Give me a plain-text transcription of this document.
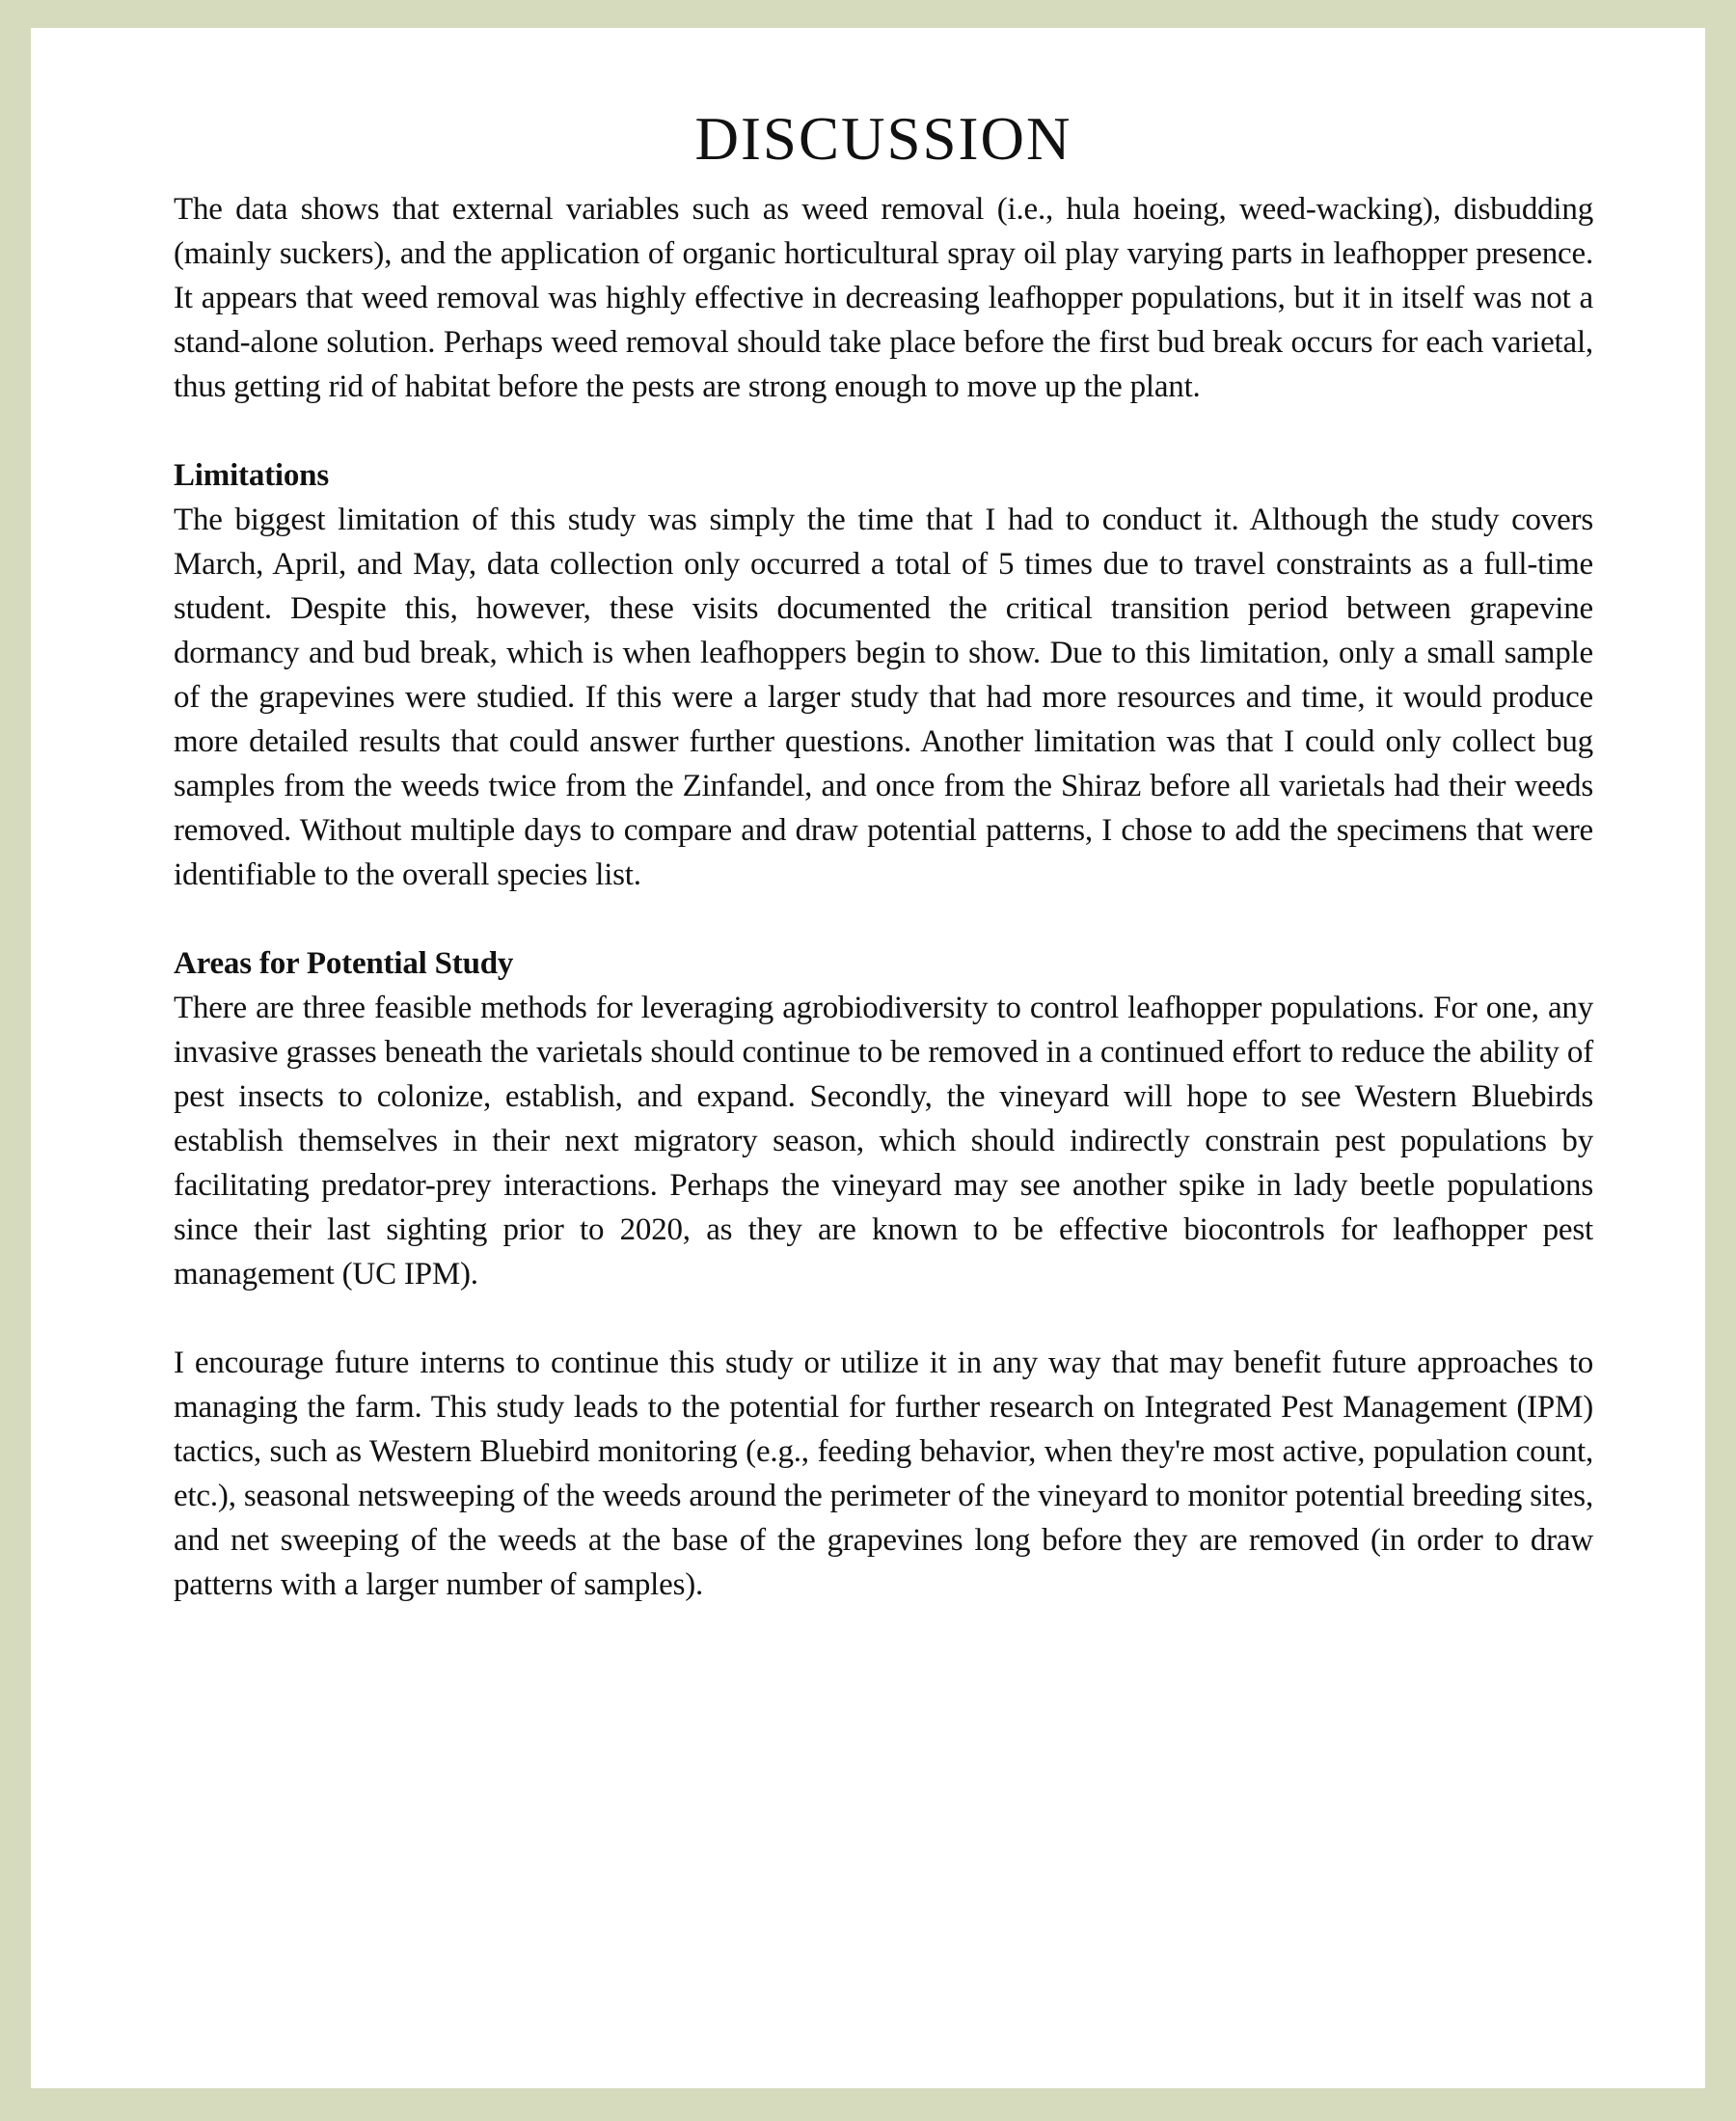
DISCUSSION

The data shows that external variables such as weed removal (i.e., hula hoeing, weed-wacking), disbudding (mainly suckers), and the application of organic horticultural spray oil play varying parts in leafhopper presence. It appears that weed removal was highly effective in decreasing leafhopper populations, but it in itself was not a stand-alone solution. Perhaps weed removal should take place before the first bud break occurs for each varietal, thus getting rid of habitat before the pests are strong enough to move up the plant.

Limitations

The biggest limitation of this study was simply the time that I had to conduct it. Although the study covers March, April, and May, data collection only occurred a total of 5 times due to travel constraints as a full-time student. Despite this, however, these visits documented the critical transition period between grapevine dormancy and bud break, which is when leafhoppers begin to show. Due to this limitation, only a small sample of the grapevines were studied. If this were a larger study that had more resources and time, it would produce more detailed results that could answer further questions. Another limitation was that I could only collect bug samples from the weeds twice from the Zinfandel, and once from the Shiraz before all varietals had their weeds removed. Without multiple days to compare and draw potential patterns, I chose to add the specimens that were identifiable to the overall species list.

Areas for Potential Study

There are three feasible methods for leveraging agrobiodiversity to control leafhopper populations. For one, any invasive grasses beneath the varietals should continue to be removed in a continued effort to reduce the ability of pest insects to colonize, establish, and expand. Secondly, the vineyard will hope to see Western Bluebirds establish themselves in their next migratory season, which should indirectly constrain pest populations by facilitating predator-prey interactions. Perhaps the vineyard may see another spike in lady beetle populations since their last sighting prior to 2020, as they are known to be effective biocontrols for leafhopper pest management (UC IPM).

I encourage future interns to continue this study or utilize it in any way that may benefit future approaches to managing the farm. This study leads to the potential for further research on Integrated Pest Management (IPM) tactics, such as Western Bluebird monitoring (e.g., feeding behavior, when they're most active, population count, etc.), seasonal netsweeping of the weeds around the perimeter of the vineyard to monitor potential breeding sites, and net sweeping of the weeds at the base of the grapevines long before they are removed (in order to draw patterns with a larger number of samples).
